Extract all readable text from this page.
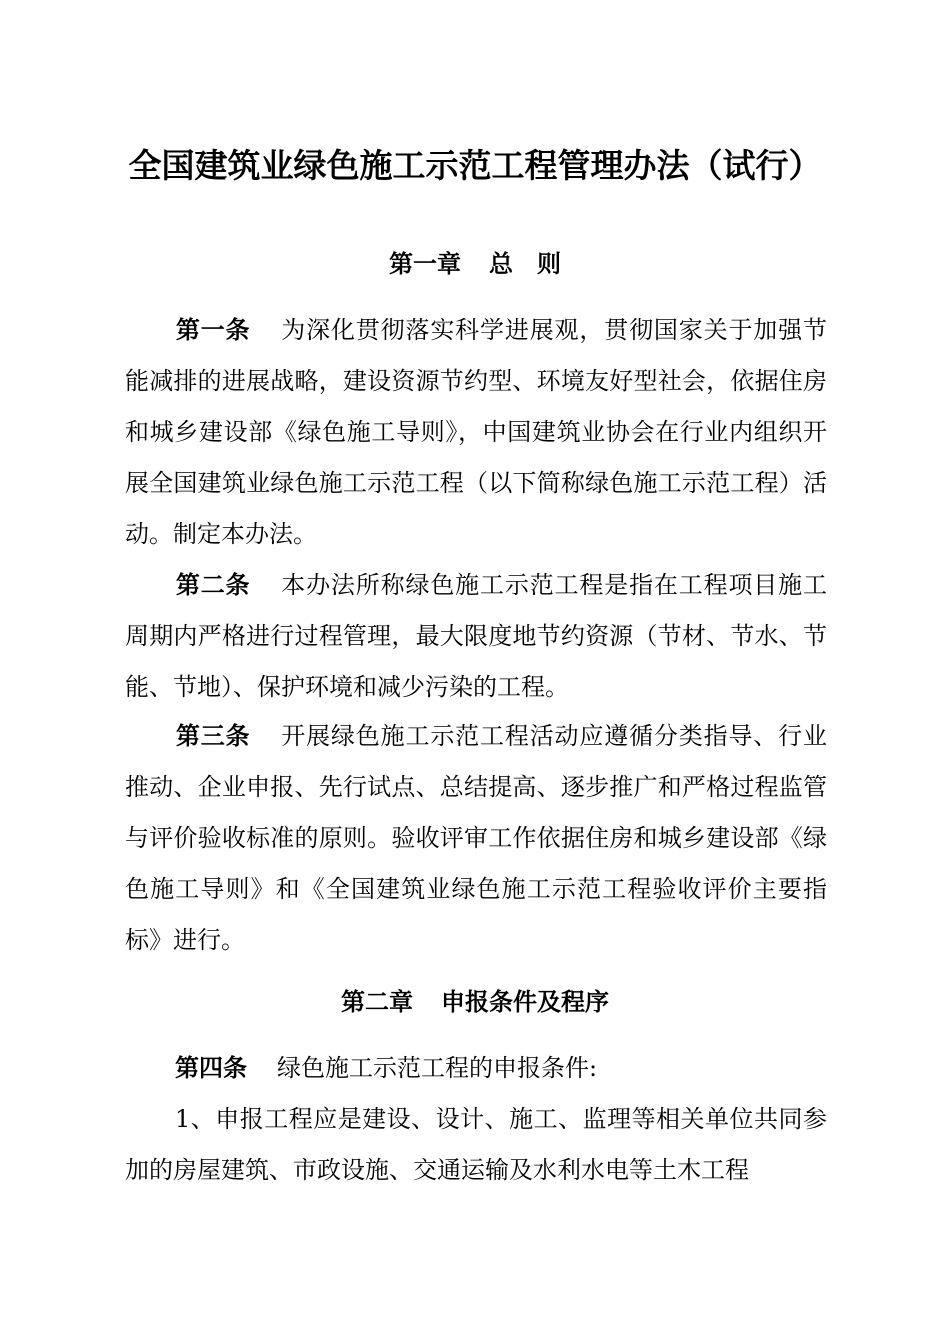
全国建筑业绿色施工示范工程管理办法（试行）
第一章 总 则

第一条 为深化贯彻落实科学进展观，贯彻国家关于加强节能减排的进展战略，建设资源节约型、环境友好型社会，依据住房和城乡建设部《绿色施工导则》，中国建筑业协会在行业内组织开展全国建筑业绿色施工示范工程（以下简称绿色施工示范工程）活动。制定本办法。

第二条 本办法所称绿色施工示范工程是指在工程项目施工周期内严格进行过程管理，最大限度地节约资源（节材、节水、节能、节地）、保护环境和减少污染的工程。

第三条 开展绿色施工示范工程活动应遵循分类指导、行业推动、企业申报、先行试点、总结提高、逐步推广和严格过程监管与评价验收标准的原则。验收评审工作依据住房和城乡建设部《绿色施工导则》和《全国建筑业绿色施工示范工程验收评价主要指标》进行。

第二章 申报条件及程序

第四条 绿色施工示范工程的申报条件:

1、申报工程应是建设、设计、施工、监理等相关单位共同参加的房屋建筑、市政设施、交通运输及水利水电等土木工程
